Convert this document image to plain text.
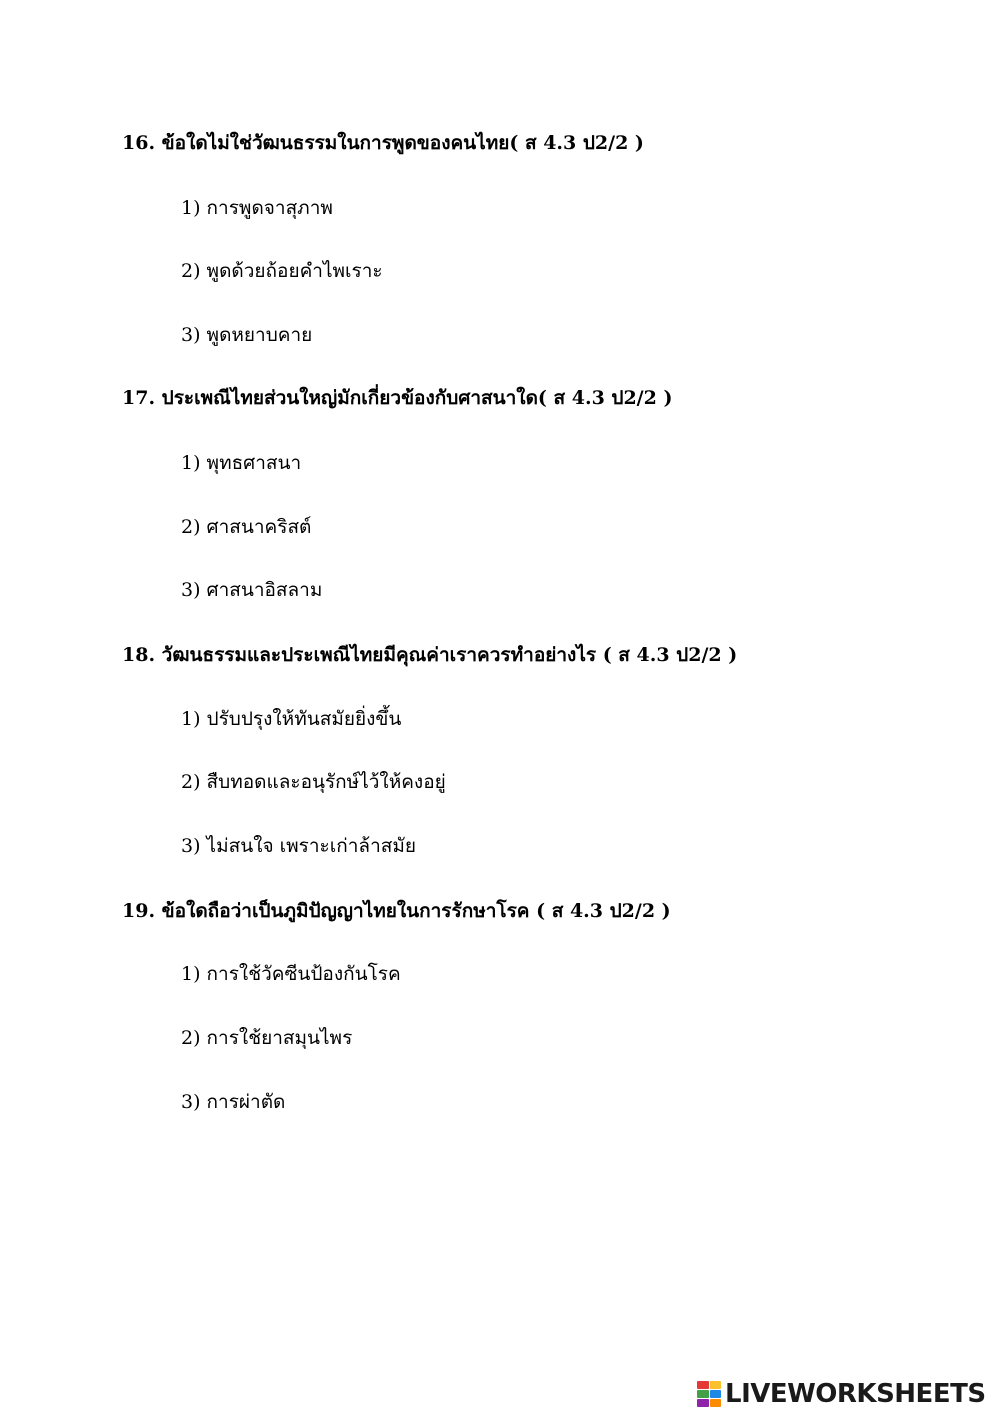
16. ข้อใดไม่ใช่วัฒนธรรมในการพูดของคนไทย( ส 4.3 ป2/2 )
1) การพูดจาสุภาพ
2) พูดด้วยถ้อยคำไพเราะ
3) พูดหยาบคาย
17. ประเพณีไทยส่วนใหญ่มักเกี่ยวข้องกับศาสนาใด( ส 4.3 ป2/2 )
1) พุทธศาสนา
2) ศาสนาคริสต์
3) ศาสนาอิสลาม
18. วัฒนธรรมและประเพณีไทยมีคุณค่าเราควรทำอย่างไร ( ส 4.3 ป2/2 )
1) ปรับปรุงให้ทันสมัยยิ่งขึ้น
2) สืบทอดและอนุรักษ์ไว้ให้คงอยู่
3) ไม่สนใจ เพราะเก่าล้าสมัย
19. ข้อใดถือว่าเป็นภูมิปัญญาไทยในการรักษาโรค ( ส 4.3 ป2/2 )
1) การใช้วัคซีนป้องกันโรค
2) การใช้ยาสมุนไพร
3) การผ่าตัด
LIVEWORKSHEETS
